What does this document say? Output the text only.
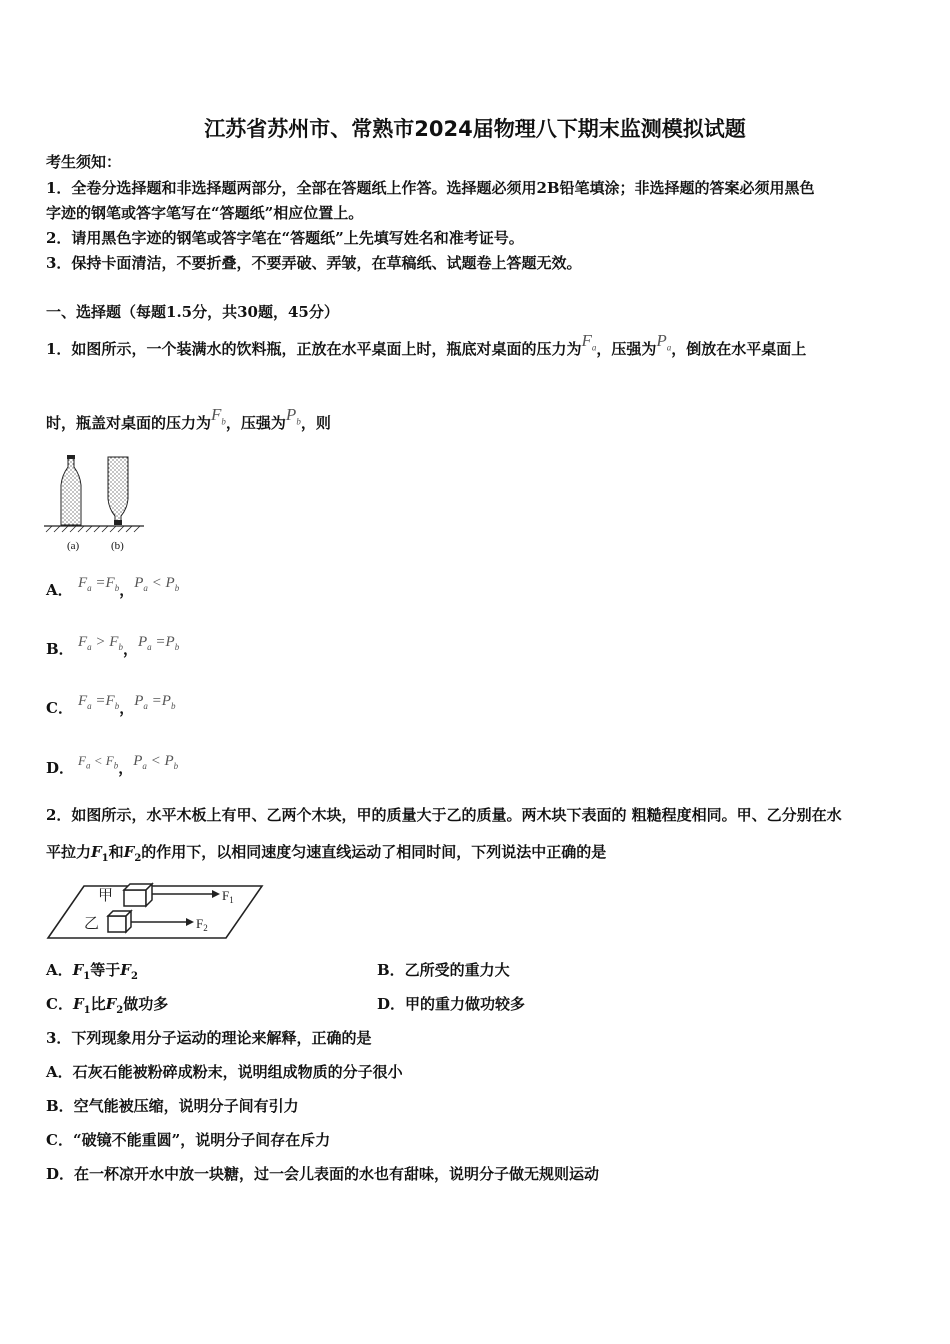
江苏省苏州市、常熟市2024届物理八下期末监测模拟试题
考生须知：
1．全卷分选择题和非选择题两部分，全部在答题纸上作答。选择题必须用2B铅笔填涂；非选择题的答案必须用黑色
字迹的钢笔或答字笔写在“答题纸”相应位置上。
2．请用黑色字迹的钢笔或答字笔在“答题纸”上先填写姓名和准考证号。
3．保持卡面清洁，不要折叠，不要弄破、弄皱，在草稿纸、试题卷上答题无效。
一、选择题（每题1.5分，共30题，45分）
1．如图所示，一个装满水的饮料瓶，正放在水平桌面上时，瓶底对桌面的压力为$F_a$，压强为$P_a$，倒放在水平桌面上
时，瓶盖对桌面的压力为$F_b$，压强为$P_b$，则
(a)	(b)
A． $F_a =F_b$，$P_a < P_b$
B． $F_a > F_b$，$P_a =P_b$
C． $F_a =F_b$，$P_a =P_b$
D． $F_a < F_b$，$P_a < P_b$
2．如图所示，水平木板上有甲、乙两个木块，甲的质量大于乙的质量。两木块下表面的 粗糙程度相同。甲、乙分别在水
平拉力$F_1$和$F_2$的作用下，以相同速度匀速直线运动了相同时间，下列说法中正确的是
甲	$F_1$
乙	$F_2$
A．$F_1$等于$F_2$	B．乙所受的重力大
C．$F_1$比$F_2$做功多	D．甲的重力做功较多
3．下列现象用分子运动的理论来解释，正确的是
A．石灰石能被粉碎成粉末，说明组成物质的分子很小
B．空气能被压缩，说明分子间有引力
C．“破镜不能重圆”，说明分子间存在斥力
D．在一杯凉开水中放一块糖，过一会儿表面的水也有甜味，说明分子做无规则运动
